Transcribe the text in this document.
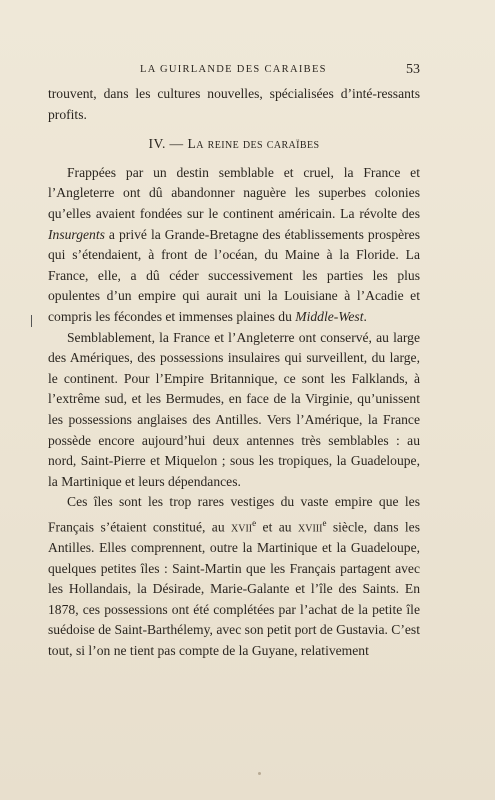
LA GUIRLANDE DES CARAIBES	53

trouvent, dans les cultures nouvelles, spécialisées d’inté-ressants profits.

IV. — La reine des caraïbes

Frappées par un destin semblable et cruel, la France et l’Angleterre ont dû abandonner naguère les superbes colonies qu’elles avaient fondées sur le continent américain. La révolte des Insurgents a privé la Grande-Bretagne des établissements prospères qui s’étendaient, à front de l’océan, du Maine à la Floride. La France, elle, a dû céder successivement les parties les plus opulentes d’un empire qui aurait uni la Louisiane à l’Acadie et compris les fécondes et immenses plaines du Middle-West.

Semblablement, la France et l’Angleterre ont conservé, au large des Amériques, des possessions insulaires qui surveillent, du large, le continent. Pour l’Empire Britannique, ce sont les Falklands, à l’extrême sud, et les Bermudes, en face de la Virginie, qu’unissent les possessions anglaises des Antilles. Vers l’Amérique, la France possède encore aujourd’hui deux antennes très semblables : au nord, Saint-Pierre et Miquelon ; sous les tropiques, la Guadeloupe, la Martinique et leurs dépendances.

Ces îles sont les trop rares vestiges du vaste empire que les Français s’étaient constitué, au xvii$^e$ et au xviii$^e$ siècle, dans les Antilles. Elles comprennent, outre la Martinique et la Guadeloupe, quelques petites îles : Saint-Martin que les Français partagent avec les Hollandais, la Désirade, Marie-Galante et l’île des Saints. En 1878, ces possessions ont été complétées par l’achat de la petite île suédoise de Saint-Barthélemy, avec son petit port de Gustavia. C’est tout, si l’on ne tient pas compte de la Guyane, relativement
